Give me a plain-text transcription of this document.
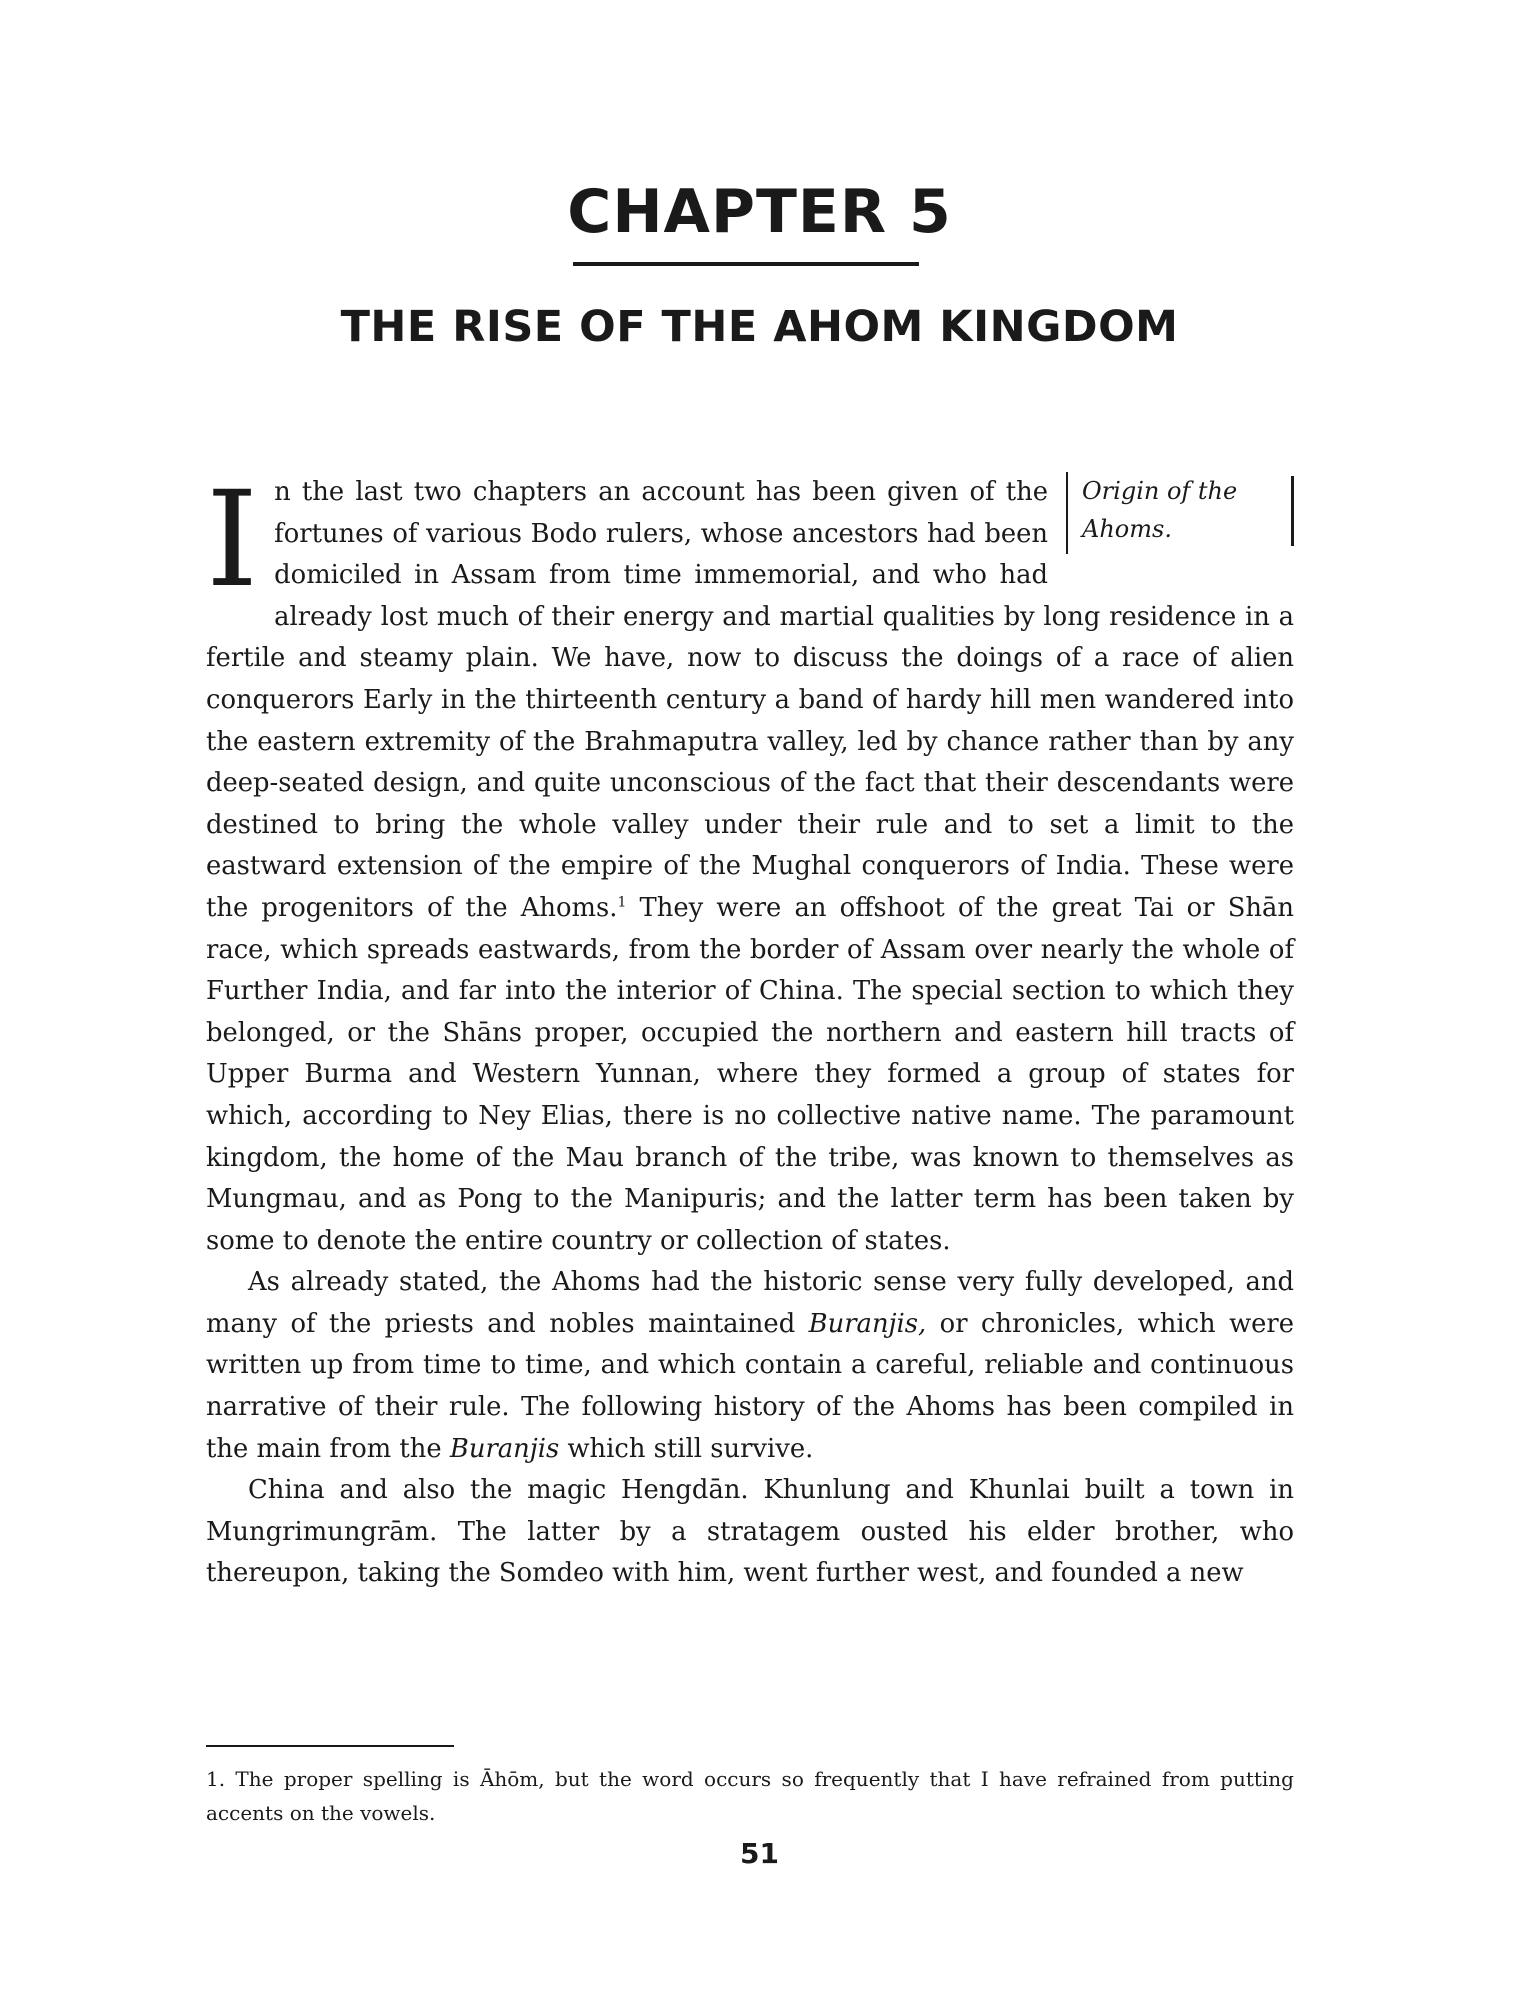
CHAPTER 5
THE RISE OF THE AHOM KINGDOM
Origin of the
Ahoms.

In the last two chapters an account has been given of the fortunes of various Bodo rulers, whose ancestors had been domiciled in Assam from time immemorial, and who had already lost much of their energy and martial qualities by long residence in a fertile and steamy plain. We have, now to discuss the doings of a race of alien conquerors Early in the thirteenth century a band of hardy hill men wandered into the eastern extremity of the Brahmaputra valley, led by chance rather than by any deep-seated design, and quite unconscious of the fact that their descendants were destined to bring the whole valley under their rule and to set a limit to the eastward extension of the empire of the Mughal conquerors of India. These were the progenitors of the Ahoms.$^1$ They were an offshoot of the great Tai or Shān race, which spreads eastwards, from the border of Assam over nearly the whole of Further India, and far into the interior of China. The special section to which they belonged, or the Shāns proper, occupied the northern and eastern hill tracts of Upper Burma and Western Yunnan, where they formed a group of states for which, according to Ney Elias, there is no collective native name. The paramount kingdom, the home of the Mau branch of the tribe, was known to themselves as Mungmau, and as Pong to the Manipuris; and the latter term has been taken by some to denote the entire country or collection of states.

As already stated, the Ahoms had the historic sense very fully developed, and many of the priests and nobles maintained Buranjis, or chronicles, which were written up from time to time, and which contain a careful, reliable and continuous narrative of their rule. The following history of the Ahoms has been compiled in the main from the Buranjis which still survive.

China and also the magic Hengdān. Khunlung and Khunlai built a town in Mungrimungrām. The latter by a stratagem ousted his elder brother, who thereupon, taking the Somdeo with him, went further west, and founded a new

1. The proper spelling is Āhōm, but the word occurs so frequently that I have refrained from putting accents on the vowels.

51
